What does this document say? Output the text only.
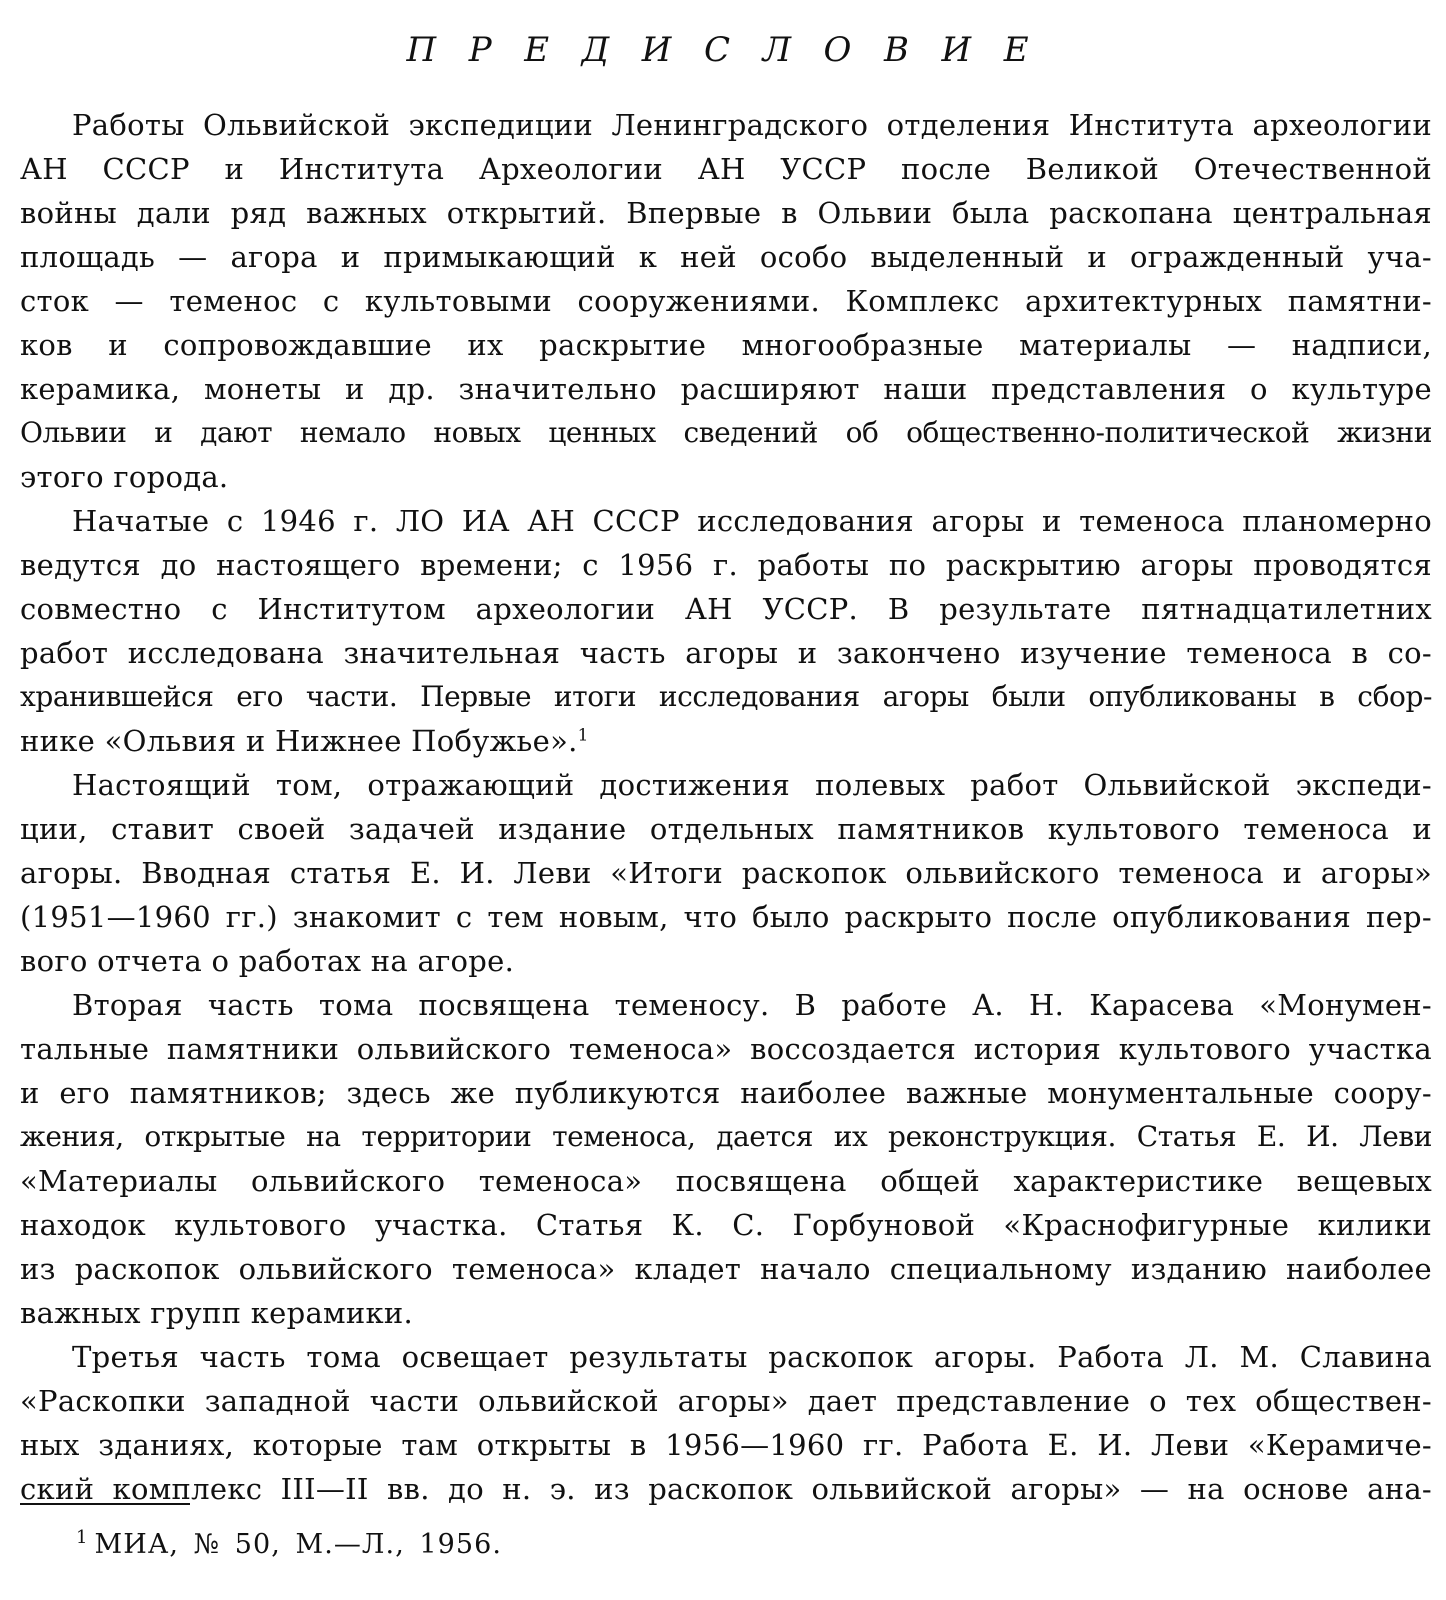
П Р Е Д И С Л О В И Е
Работы Ольвийской экспедиции Ленинградского отделения Института археологии
АН СССР и Института Археологии АН УССР после Великой Отечественной
войны дали ряд важных открытий. Впервые в Ольвии была раскопана центральная
площадь — агора и примыкающий к ней особо выделенный и огражденный уча-
сток — теменос с культовыми сооружениями. Комплекс архитектурных памятни-
ков и сопровождавшие их раскрытие многообразные материалы — надписи,
керамика, монеты и др. значительно расширяют наши представления о культуре
Ольвии и дают немало новых ценных сведений об общественно-политической жизни
этого города.
Начатые с 1946 г. ЛО ИА АН СССР исследования агоры и теменоса планомерно
ведутся до настоящего времени; с 1956 г. работы по раскрытию агоры проводятся
совместно с Институтом археологии АН УССР. В результате пятнадцатилетних
работ исследована значительная часть агоры и закончено изучение теменоса в со-
хранившейся его части. Первые итоги исследования агоры были опубликованы в сбор-
нике «Ольвия и Нижнее Побужье».$^1$
Настоящий том, отражающий достижения полевых работ Ольвийской экспеди-
ции, ставит своей задачей издание отдельных памятников культового теменоса и
агоры. Вводная статья Е. И. Леви «Итоги раскопок ольвийского теменоса и агоры»
(1951—1960 гг.) знакомит с тем новым, что было раскрыто после опубликования пер-
вого отчета о работах на агоре.
Вторая часть тома посвящена теменосу. В работе А. Н. Карасева «Монумен-
тальные памятники ольвийского теменоса» воссоздается история культового участка
и его памятников; здесь же публикуются наиболее важные монументальные соору-
жения, открытые на территории теменоса, дается их реконструкция. Статья Е. И. Леви
«Материалы ольвийского теменоса» посвящена общей характеристике вещевых
находок культового участка. Статья К. С. Горбуновой «Краснофигурные килики
из раскопок ольвийского теменоса» кладет начало специальному изданию наиболее
важных групп керамики.
Третья часть тома освещает результаты раскопок агоры. Работа Л. М. Славина
«Раскопки западной части ольвийской агоры» дает представление о тех обществен-
ных зданиях, которые там открыты в 1956—1960 гг. Работа Е. И. Леви «Керамиче-
ский комплекс III—II вв. до н. э. из раскопок ольвийской агоры» — на основе ана-
$^1$ МИА, № 50, М.—Л., 1956.
